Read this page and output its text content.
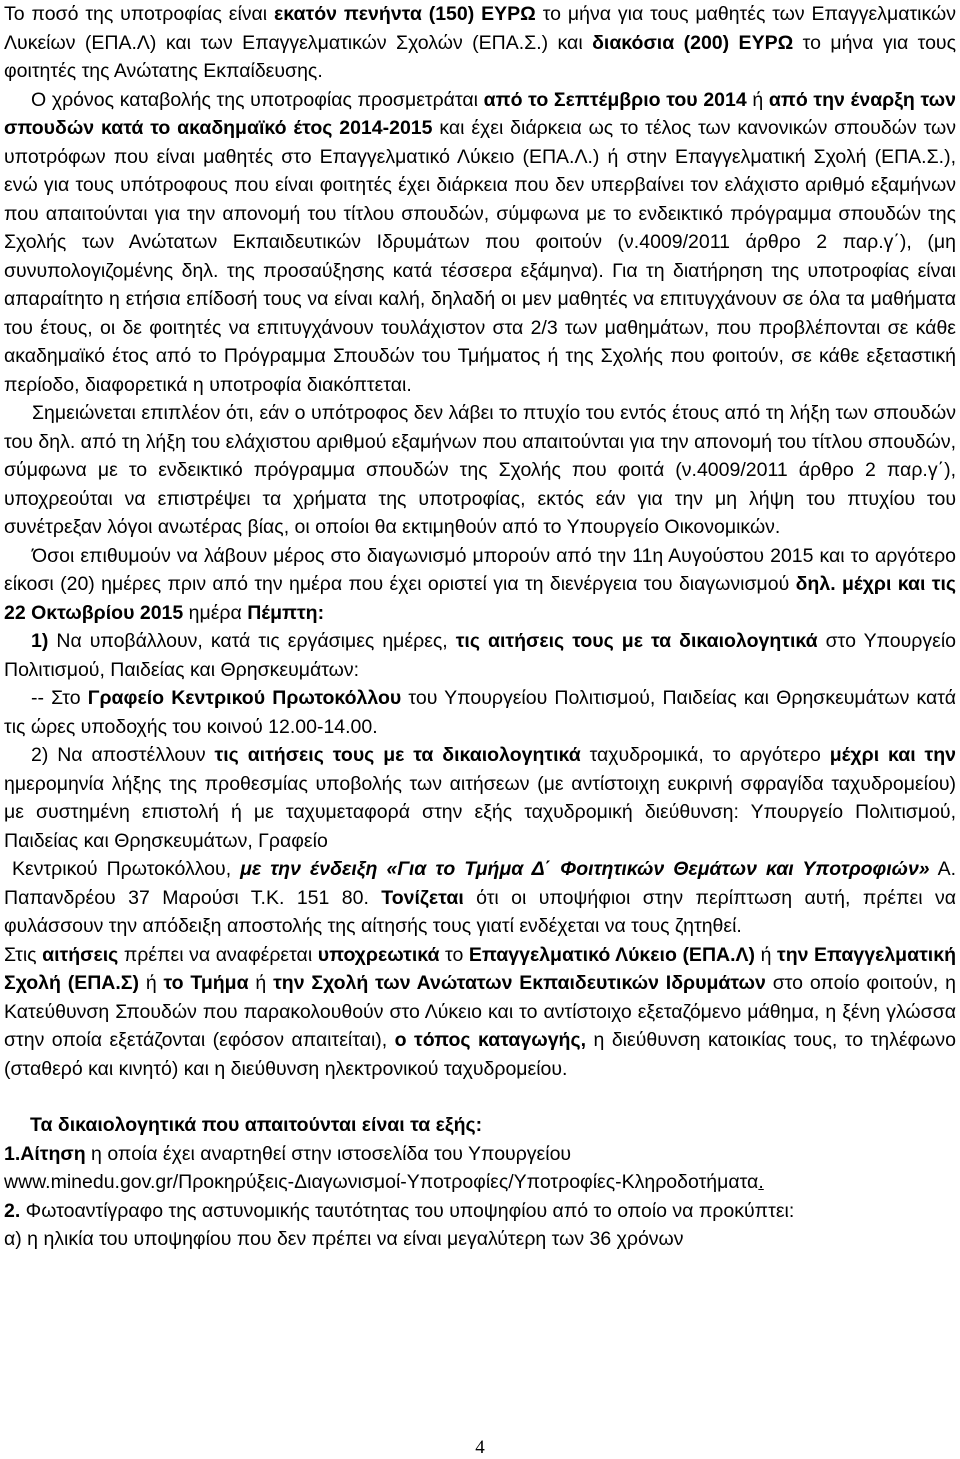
Το ποσό της υποτροφίας είναι εκατόν πενήντα (150) ΕΥΡΩ το μήνα για τους μαθητές των Επαγγελματικών Λυκείων (ΕΠΑ.Λ) και των Επαγγελματικών Σχολών (ΕΠΑ.Σ.) και διακόσια (200) ΕΥΡΩ το μήνα για τους φοιτητές της Ανώτατης Εκπαίδευσης.

Ο χρόνος καταβολής της υποτροφίας προσμετράται από το Σεπτέμβριο του 2014 ή από την έναρξη των σπουδών κατά το ακαδημαϊκό έτος 2014-2015 και έχει διάρκεια ως το τέλος των κανονικών σπουδών των υποτρόφων που είναι μαθητές στο Επαγγελματικό Λύκειο (ΕΠΑ.Λ.) ή στην Επαγγελματική Σχολή (ΕΠΑ.Σ.), ενώ για τους υπότροφους που είναι φοιτητές έχει διάρκεια που δεν υπερβαίνει τον ελάχιστο αριθμό εξαμήνων που απαιτούνται για την απονομή του τίτλου σπουδών, σύμφωνα με το ενδεικτικό πρόγραμμα σπουδών της Σχολής των Ανώτατων Εκπαιδευτικών Ιδρυμάτων που φοιτούν (ν.4009/2011 άρθρο 2 παρ.γ΄), (μη συνυπολογιζομένης δηλ. της προσαύξησης κατά τέσσερα εξάμηνα). Για τη διατήρηση της υποτροφίας είναι απαραίτητο η ετήσια επίδοσή τους να είναι καλή, δηλαδή οι μεν μαθητές να επιτυγχάνουν σε όλα τα μαθήματα του έτους, οι δε φοιτητές να επιτυγχάνουν τουλάχιστον στα 2/3 των μαθημάτων, που προβλέπονται σε κάθε ακαδημαϊκό έτος από το Πρόγραμμα Σπουδών του Τμήματος ή της Σχολής που φοιτούν, σε κάθε εξεταστική περίοδο, διαφορετικά η υποτροφία διακόπτεται.

Σημειώνεται επιπλέον ότι, εάν ο υπότροφος δεν λάβει το πτυχίο του εντός έτους από τη λήξη των σπουδών του δηλ. από τη λήξη του ελάχιστου αριθμού εξαμήνων που απαιτούνται για την απονομή του τίτλου σπουδών, σύμφωνα με το ενδεικτικό πρόγραμμα σπουδών της Σχολής που φοιτά (ν.4009/2011 άρθρο 2 παρ.γ΄), υποχρεούται να επιστρέψει τα χρήματα της υποτροφίας, εκτός εάν για την μη λήψη του πτυχίου του συνέτρεξαν λόγοι ανωτέρας βίας, οι οποίοι θα εκτιμηθούν από το Υπουργείο Οικονομικών.

Όσοι επιθυμούν να λάβουν μέρος στο διαγωνισμό μπορούν από την 11η Αυγούστου 2015 και το αργότερο είκοσι (20) ημέρες πριν από την ημέρα που έχει οριστεί για τη διενέργεια του διαγωνισμού δηλ. μέχρι και τις 22 Οκτωβρίου 2015 ημέρα Πέμπτη:

1) Να υποβάλλουν, κατά τις εργάσιμες ημέρες, τις αιτήσεις τους με τα δικαιολογητικά στο Υπουργείο Πολιτισμού, Παιδείας και Θρησκευμάτων:

-- Στο Γραφείο Κεντρικού Πρωτοκόλλου του Υπουργείου Πολιτισμού, Παιδείας και Θρησκευμάτων κατά τις ώρες υποδοχής του κοινού 12.00-14.00.

2) Να αποστέλλουν τις αιτήσεις τους με τα δικαιολογητικά ταχυδρομικά, το αργότερο μέχρι και την ημερομηνία λήξης της προθεσμίας υποβολής των αιτήσεων (με αντίστοιχη ευκρινή σφραγίδα ταχυδρομείου) με συστημένη επιστολή ή με ταχυμεταφορά στην εξής ταχυδρομική διεύθυνση: Υπουργείο Πολιτισμού, Παιδείας και Θρησκευμάτων, Γραφείο

Κεντρικού Πρωτοκόλλου, με την ένδειξη «Για το Τμήμα Δ΄ Φοιτητικών Θεμάτων και Υποτροφιών» Α. Παπανδρέου 37 Μαρούσι Τ.Κ. 151 80. Τονίζεται ότι οι υποψήφιοι στην περίπτωση αυτή, πρέπει να φυλάσσουν την απόδειξη αποστολής της αίτησής τους γιατί ενδέχεται να τους ζητηθεί.

Στις αιτήσεις πρέπει να αναφέρεται υποχρεωτικά το Επαγγελματικό Λύκειο (ΕΠΑ.Λ) ή την Επαγγελματική Σχολή (ΕΠΑ.Σ) ή το Τμήμα ή την Σχολή των Ανώτατων Εκπαιδευτικών Ιδρυμάτων στο οποίο φοιτούν, η Κατεύθυνση Σπουδών που παρακολουθούν στο Λύκειο και το αντίστοιχο εξεταζόμενο μάθημα, η ξένη γλώσσα στην οποία εξετάζονται (εφόσον απαιτείται), ο τόπος καταγωγής, η διεύθυνση κατοικίας τους, το τηλέφωνο (σταθερό και κινητό) και η διεύθυνση ηλεκτρονικού ταχυδρομείου.

Τα δικαιολογητικά που απαιτούνται είναι τα εξής:

1.Αίτηση η οποία έχει αναρτηθεί στην ιστοσελίδα του Υπουργείου

www.minedu.gov.gr/Προκηρύξεις-Διαγωνισμοί-Υποτροφίες/Υποτροφίες-Κληροδοτήματα.

2. Φωτοαντίγραφο της αστυνομικής ταυτότητας του υποψηφίου από το οποίο να προκύπτει:

α) η ηλικία του υποψηφίου που δεν πρέπει να είναι μεγαλύτερη των 36 χρόνων

4
